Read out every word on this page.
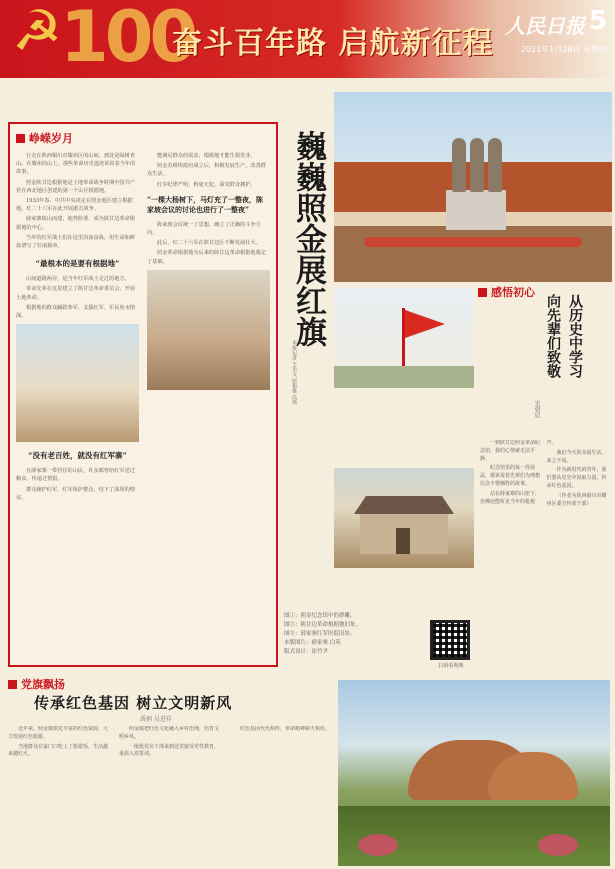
☭
100
奋斗百年路 启航新征程 人民日报 5
2021年1月28日 星期四
峥嵘岁月

行走在陕西铜川市耀州区的山间，到处是绿树青山。在耀州的山上，那些革命历史遗迹诉说着当年的故事。

照金陕甘边根据地是土地革命战争时期中国共产党在西北地区创建的第一个山区根据地。

1933年春，中共中央决定在照金地区建立根据地。红二十六军在此开展游击战争。

薛家寨依山而建，地势险要，成为陕甘边革命根据地的中心。

当年的红军战士们在这里浴血奋战，用生命和鲜血谱写了壮丽篇章。

“最根本的是要有根据地”

山间道路两旁，是当年红军战士走过的地方。

革命先辈在这里建立了陕甘边革命委员会，开展土地革命。

根据地的群众踊跃参军，支援红军，军民鱼水情深。

“没有老百姓，就没有红军寨”

在薛家寨一带居住的山民，许多都曾给红军送过粮食、传递过情报。

群众掩护红军，红军保护群众，结下了深厚的情谊。

能满足群众的需求，根据地才能生根发芽。

照金苏维埃政府成立后，积极发展生产，改善群众生活。

红军纪律严明，秋毫无犯，深受群众拥护。

“一棵大杨树下，马灯充了一整夜，陈家坡会议的讨论也进行了一整夜”

陈家坡会议统一了思想，确立了正确的斗争方向。

此后，红二十六军在陕甘边区不断发展壮大。

照金革命根据地为后来的陕甘边革命根据地奠定了基础。	巍巍照金展红旗
本报记者 王乐文 原韬雄 高炳
图①：照金纪念馆中的群雕。
图②：陕甘边革命根据地旧址。
图③：薛家寨红军医院旧址。
本版图片：薛家寨 白英
版式设计：崔竹尹
扫码看视频
感悟初心
从历史中学习
向先辈们致敬
宋朝辰

一到陕甘边照金革命纪念馆，我的心情就无法平静。

纪念馆里的每一件展品，都诉说着先辈们为理想信念不惜牺牲的故事。

站在薛家寨的山崖下，仿佛还能听见当年的枪炮声。

我们今天的幸福生活，来之不易。

作为新时代的青年，我们要从党史中汲取力量，传承红色基因。

（作者为陕西铜川市耀州区委宣传部干部）

党旗飘扬
传承红色基因 树立文明新风
禹炳 吴进祥

近年来，照金镇依托丰富的红色资源，大力发展红色旅游。

当地群众在家门口吃上了旅游饭，生活越来越红火。

照金镇把红色文化融入乡村治理，培育文明乡风。

一批批党员干部来到这里接受党性教育，重温入党誓词。

红色基因代代相传，革命精神薪火相传。
